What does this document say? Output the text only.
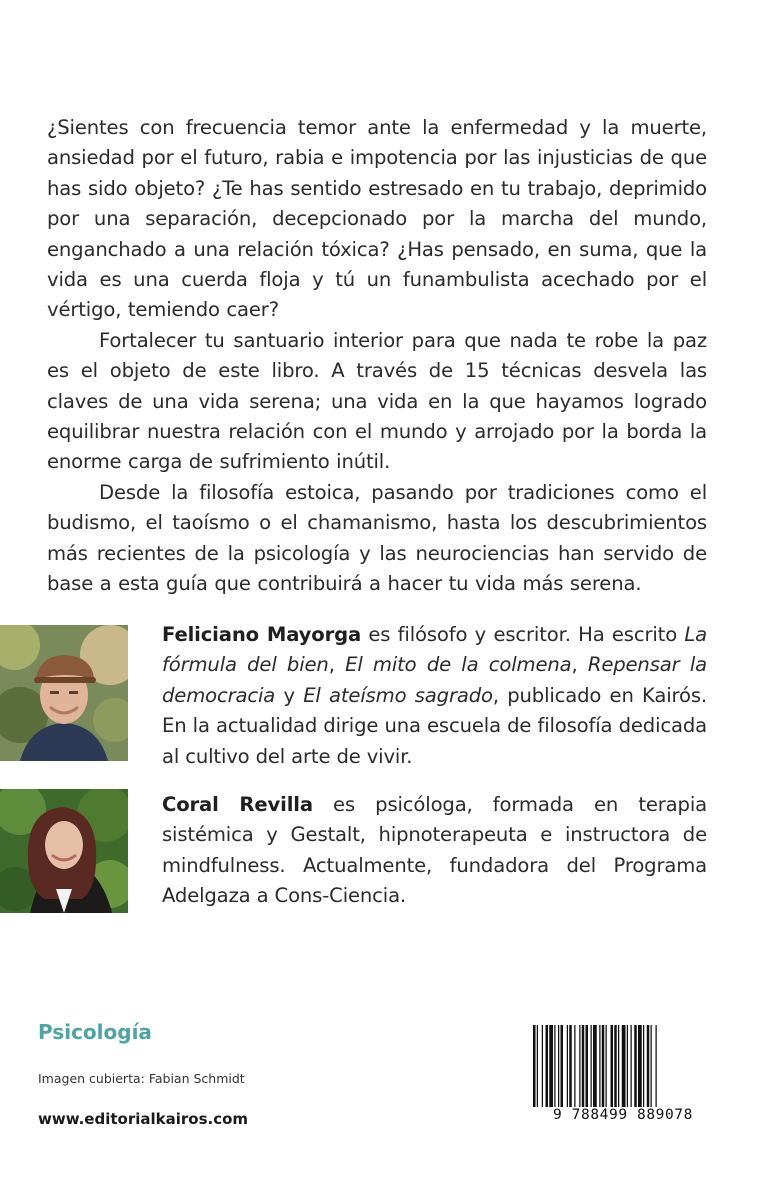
¿Sientes con frecuencia temor ante la enfermedad y la muerte, ansiedad por el futuro, rabia e impotencia por las injusticias de que has sido objeto? ¿Te has sentido estresado en tu trabajo, deprimido por una separación, decepcionado por la marcha del mundo, enganchado a una relación tóxica? ¿Has pensado, en suma, que la vida es una cuerda floja y tú un funambulista acechado por el vértigo, temiendo caer?

Fortalecer tu santuario interior para que nada te robe la paz es el objeto de este libro. A través de 15 técnicas desvela las claves de una vida serena; una vida en la que hayamos logrado equilibrar nuestra relación con el mundo y arrojado por la borda la enorme carga de sufrimiento inútil.

Desde la filosofía estoica, pasando por tradiciones como el budismo, el taoísmo o el chamanismo, hasta los descubrimientos más recientes de la psicología y las neurociencias han servido de base a esta guía que contribuirá a hacer tu vida más serena.

Feliciano Mayorga es filósofo y escritor. Ha escrito La fórmula del bien, El mito de la colmena, Repensar la democracia y El ateísmo sagrado, publicado en Kairós. En la actualidad dirige una escuela de filosofía dedicada al cultivo del arte de vivir.
Coral Revilla es psicóloga, formada en terapia sistémica y Gestalt, hipnoterapeuta e instructora de mindfulness. Actualmente, fundadora del Programa Adelgaza a Cons-Ciencia.
Psicología
Imagen cubierta: Fabian Schmidt
www.editorialkairos.com	9 788499 889078
